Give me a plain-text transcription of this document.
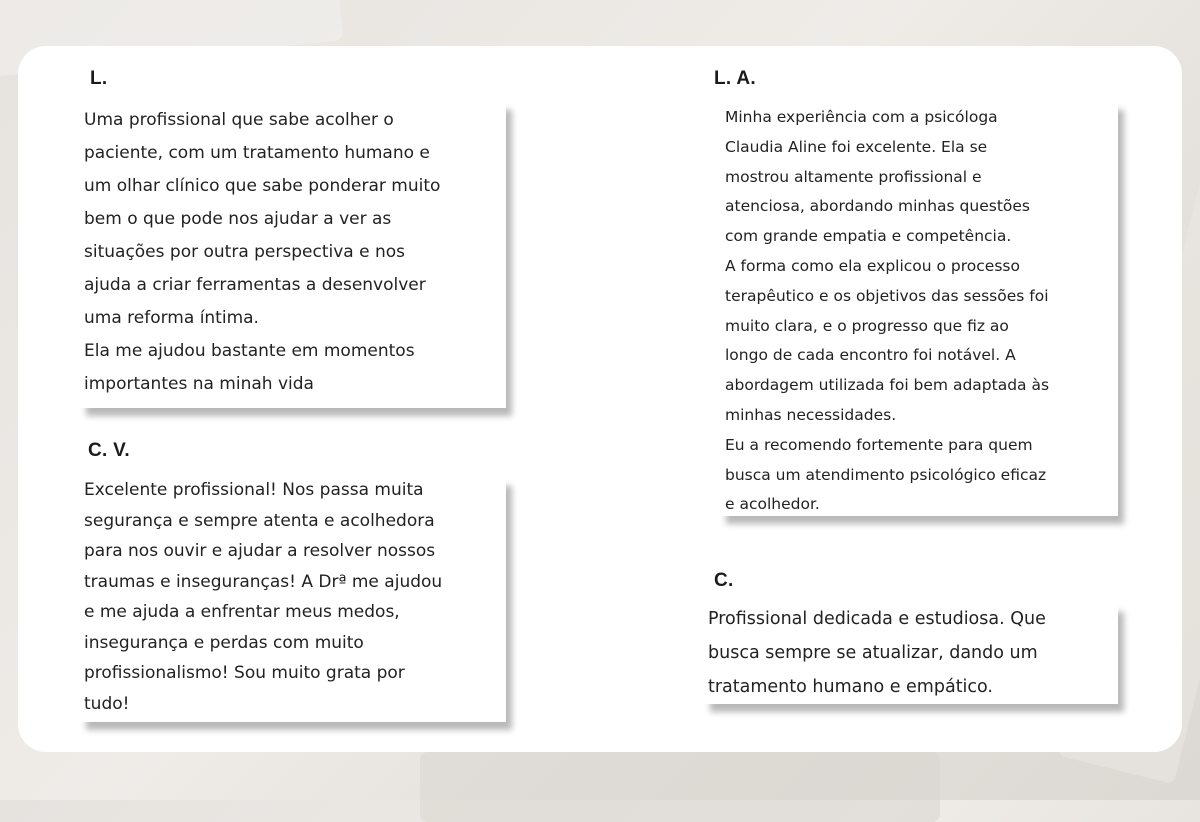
L.

Uma profissional que sabe acolher o
paciente, com um tratamento humano e
um olhar clínico que sabe ponderar muito
bem o que pode nos ajudar a ver as
situações por outra perspectiva e nos
ajuda a criar ferramentas a desenvolver
uma reforma íntima.
Ela me ajudou bastante em momentos
importantes na minah vida

C. V.

Excelente profissional! Nos passa muita
segurança e sempre atenta e acolhedora
para nos ouvir e ajudar a resolver nossos
traumas e inseguranças! A Drª me ajudou
e me ajuda a enfrentar meus medos,
insegurança e perdas com muito
profissionalismo! Sou muito grata por
tudo!

L. A.

Minha experiência com a psicóloga
Claudia Aline foi excelente. Ela se
mostrou altamente profissional e
atenciosa, abordando minhas questões
com grande empatia e competência.
A forma como ela explicou o processo
terapêutico e os objetivos das sessões foi
muito clara, e o progresso que fiz ao
longo de cada encontro foi notável. A
abordagem utilizada foi bem adaptada às
minhas necessidades.
Eu a recomendo fortemente para quem
busca um atendimento psicológico eficaz
e acolhedor.

C.

Profissional dedicada e estudiosa. Que
busca sempre se atualizar, dando um
tratamento humano e empático.
